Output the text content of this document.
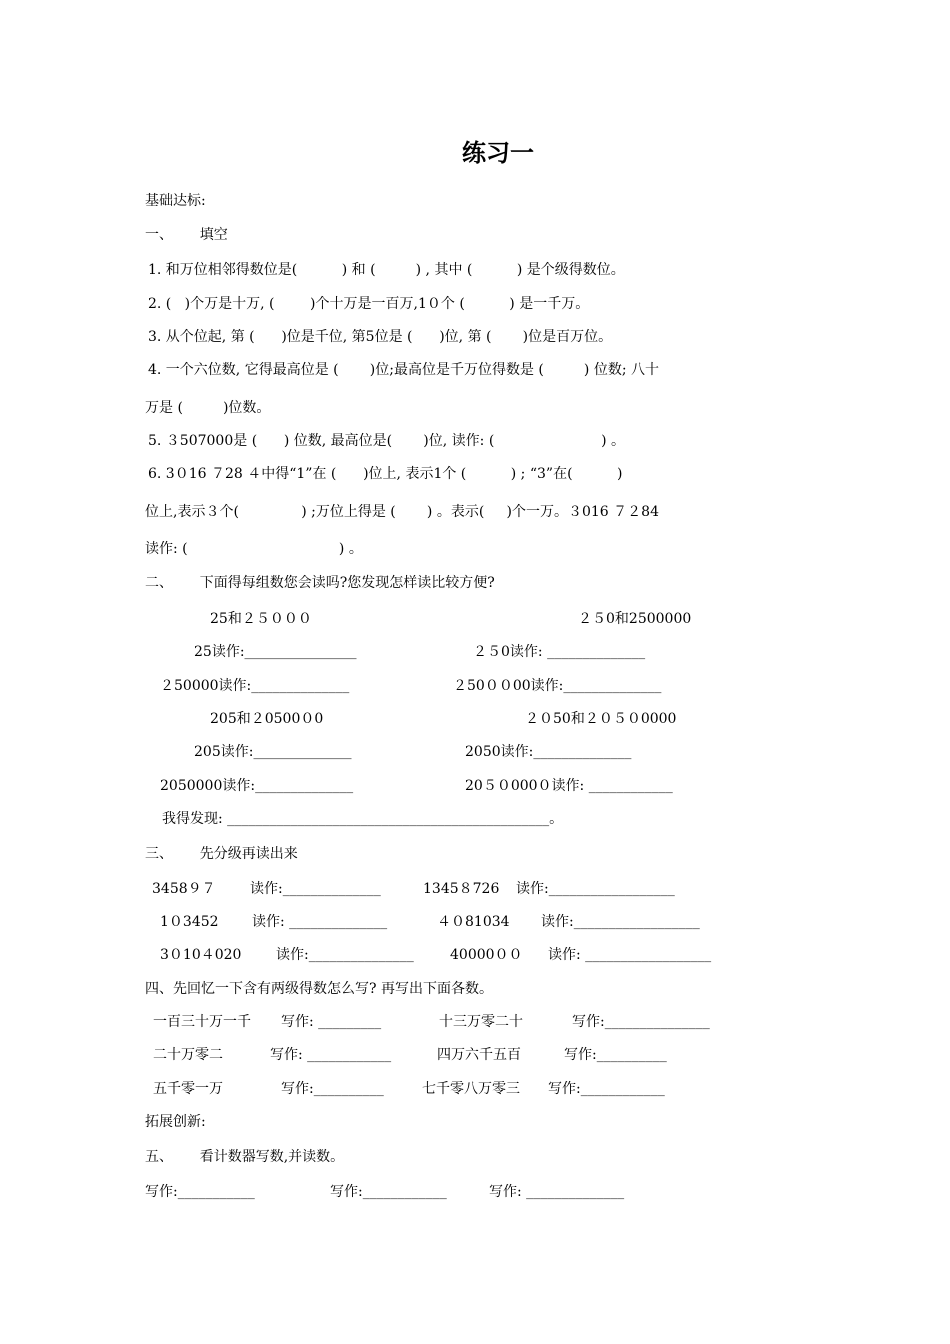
练习一
基础达标:
一、      填空
1. 和万位相邻得数位是(          ) 和 (         ) , 其中 (          ) 是个级得数位。
2. (   )个万是十万, (        )个十万是一百万,1０个 (          ) 是一千万。
3. 从个位起, 第 (      )位是千位, 第5位是 (      )位, 第 (       )位是百万位。
4. 一个六位数, 它得最高位是 (       )位;最高位是千万位得数是 (         ) 位数; 八十
万是 (         )位数。
5. ３507000是 (      ) 位数, 最高位是(       )位, 读作: (                        ) 。
6. 3０16 ７28 ４中得“1”在 (      )位上, 表示1个 (          ) ; “3”在(          )
位上,表示３个(              ) ;万位上得是 (       ) 。表示(     )个一万。３016 ７２84
读作: (                                  ) 。
二、      下面得每组数您会读吗?您发现怎样读比较方便?
25和２５０００	２５0和2500000
25读作:________________	２５0读作: ______________
２50000读作:______________	２50００00读作:______________
205和２0500０0	２０50和２０５０0000
205读作:______________	2050读作:______________
2050000读作:______________	20５０000０读作: ____________
我得发现: ______________________________________________。
三、      先分级再读出来
3458９７ 读作:______________	1345８726 读作:__________________
1０3452 读作: ______________	４０81034 读作:__________________
3０10４020 读作:_______________	40000００ 读作: __________________
四、先回忆一下含有两级得数怎么写? 再写出下面各数。
一百三十万一千 写作: _________	十三万零二十	写作:_______________
二十万零二	写作: ____________	四万六千五百	写作:__________
五千零一万	写作:__________	七千零八万零三 写作:____________
拓展创新:
五、      看计数器写数,并读数。
写作:___________	写作:____________	写作: ______________
